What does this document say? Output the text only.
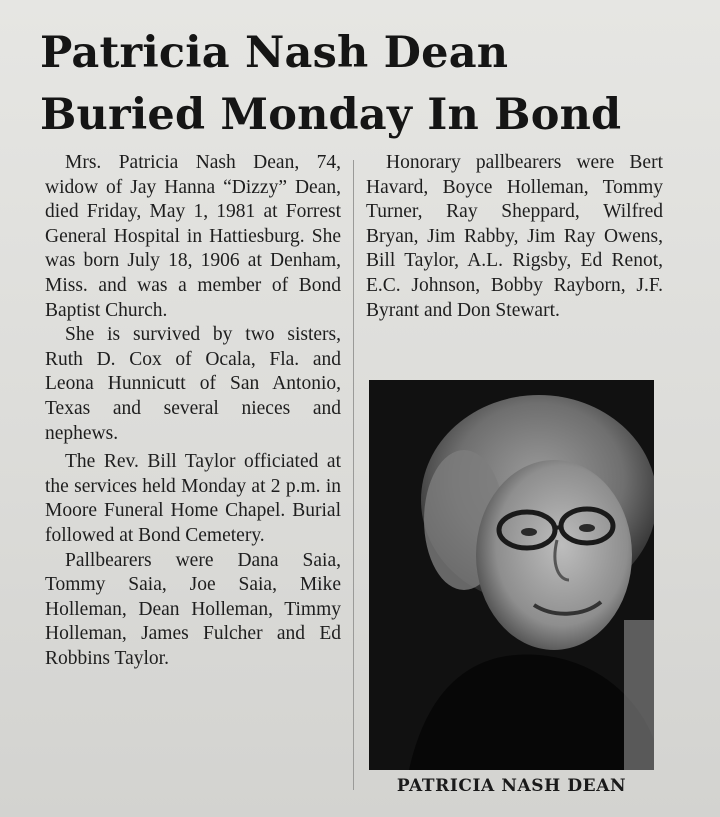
Patricia Nash Dean
Buried Monday In Bond

Mrs. Patricia Nash Dean, 74, widow of Jay Hanna “Dizzy” Dean, died Friday, May 1, 1981 at Forrest General Hospital in Hattiesburg. She was born July 18, 1906 at Denham, Miss. and was a member of Bond Baptist Church.

She is survived by two sisters, Ruth D. Cox of Ocala, Fla. and Leona Hunnicutt of San Antonio, Texas and several nieces and nephews.

The Rev. Bill Taylor officiated at the services held Monday at 2 p.m. in Moore Funeral Home Chapel. Burial followed at Bond Cemetery.

Pallbearers were Dana Saia, Tommy Saia, Joe Saia, Mike Holleman, Dean Holleman, Timmy Holleman, James Fulcher and Ed Robbins Taylor.

Honorary pallbearers were Bert Havard, Boyce Holleman, Tommy Turner, Ray Sheppard, Wilfred Bryan, Jim Rabby, Jim Ray Owens, Bill Taylor, A.L. Rigsby, Ed Renot, E.C. Johnson, Bobby Rayborn, J.F. Byrant and Don Stewart.

PATRICIA NASH DEAN
